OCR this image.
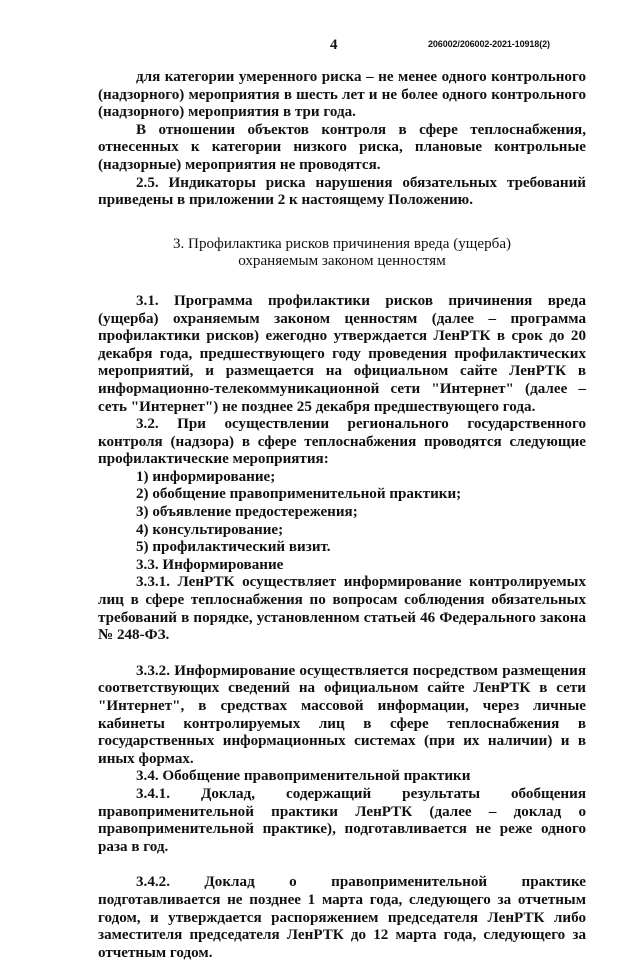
4	206002/206002-2021-10918(2)

для категории умеренного риска – не менее одного контрольного (надзорного) мероприятия в шесть лет и не более одного контрольного (надзорного) мероприятия в три года.

В отношении объектов контроля в сфере теплоснабжения, отнесенных к категории низкого риска, плановые контрольные (надзорные) мероприятия не проводятся.

2.5. Индикаторы риска нарушения обязательных требований приведены в приложении 2 к настоящему Положению.

3. Профилактика рисков причинения вреда (ущерба)
охраняемым законом ценностям

3.1. Программа профилактики рисков причинения вреда (ущерба) охраняемым законом ценностям (далее – программа профилактики рисков) ежегодно утверждается ЛенРТК в срок до 20 декабря года, предшествующего году проведения профилактических мероприятий, и размещается на официальном сайте ЛенРТК в информационно-телекоммуникационной сети "Интернет" (далее – сеть "Интернет") не позднее 25 декабря предшествующего года.

3.2. При осуществлении регионального государственного контроля (надзора) в сфере теплоснабжения проводятся следующие профилактические мероприятия:

1) информирование;

2) обобщение правоприменительной практики;

3) объявление предостережения;

4) консультирование;

5) профилактический визит.

3.3. Информирование

3.3.1. ЛенРТК осуществляет информирование контролируемых лиц в сфере теплоснабжения по вопросам соблюдения обязательных требований в порядке, установленном статьей 46 Федерального закона № 248-ФЗ.

3.3.2. Информирование осуществляется посредством размещения соответствующих сведений на официальном сайте ЛенРТК в сети "Интернет", в средствах массовой информации, через личные кабинеты контролируемых лиц в сфере теплоснабжения в государственных информационных системах (при их наличии) и в иных формах.

3.4. Обобщение правоприменительной практики

3.4.1. Доклад, содержащий результаты обобщения правоприменительной практики ЛенРТК (далее – доклад о правоприменительной практике), подготавливается не реже одного раза в год.

3.4.2. Доклад о правоприменительной практике подготавливается не позднее 1 марта года, следующего за отчетным годом, и утверждается распоряжением председателя ЛенРТК либо заместителя председателя ЛенРТК до 12 марта года, следующего за отчетным годом.
